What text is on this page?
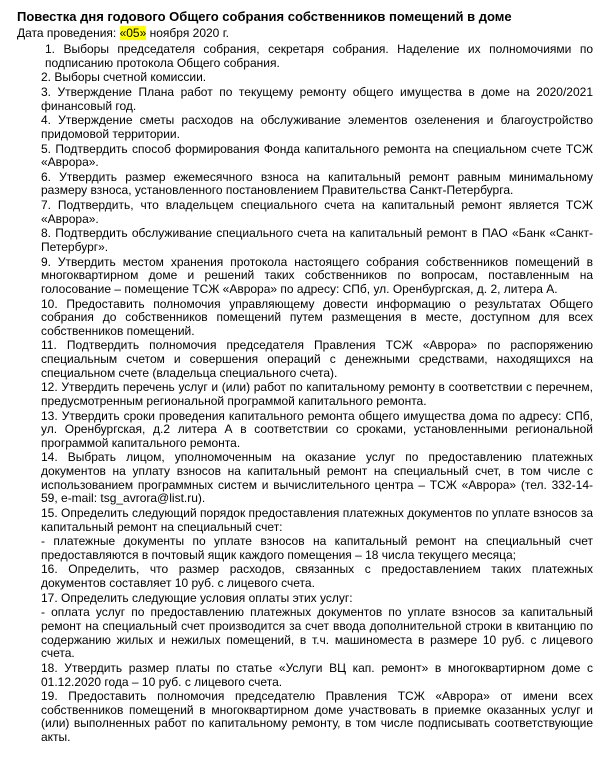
Повестка дня годового Общего собрания собственников помещений в доме
Дата проведения: «05» ноября 2020 г.
1. Выборы председателя собрания, секретаря собрания. Наделение их полномочиями по подписанию протокола Общего собрания.
2. Выборы счетной комиссии.
3. Утверждение Плана работ по текущему ремонту общего имущества в доме на 2020/2021 финансовый год.
4. Утверждение сметы расходов на обслуживание элементов озеленения и благоустройство придомовой территории.
5. Подтвердить способ формирования Фонда капитального ремонта на специальном счете ТСЖ «Аврора».
6. Утвердить размер ежемесячного взноса на капитальный ремонт равным минимальному размеру взноса, установленного постановлением Правительства Санкт-Петербурга.
7. Подтвердить, что владельцем специального счета на капитальный ремонт является ТСЖ «Аврора».
8. Подтвердить обслуживание специального счета на капитальный ремонт в ПАО «Банк «Санкт-Петербург».
9. Утвердить местом хранения протокола настоящего собрания собственников помещений в многоквартирном доме и решений таких собственников по вопросам, поставленным на голосование – помещение ТСЖ «Аврора» по адресу: СПб, ул. Оренбургская, д. 2, литера А.
10. Предоставить полномочия управляющему довести информацию о результатах Общего собрания до собственников помещений путем размещения в месте, доступном для всех собственников помещений.
11. Подтвердить полномочия председателя Правления ТСЖ «Аврора» по распоряжению специальным счетом и совершения операций с денежными средствами, находящихся на специальном счете (владельца специального счета).
12. Утвердить перечень услуг и (или) работ по капитальному ремонту в соответствии с перечнем, предусмотренным региональной программой капитального ремонта.
13. Утвердить сроки проведения капитального ремонта общего имущества дома по адресу: СПб, ул. Оренбургская, д.2 литера А в соответствии со сроками, установленными региональной программой капитального ремонта.
14. Выбрать лицом, уполномоченным на оказание услуг по предоставлению платежных документов на уплату взносов на капитальный ремонт на специальный счет, в том числе с использованием программных систем и вычислительного центра – ТСЖ «Аврора» (тел. 332-14-59, e-mail: tsg_avrora@list.ru).
15. Определить следующий порядок предоставления платежных документов по уплате взносов за капитальный ремонт на специальный счет:
- платежные документы по уплате взносов на капитальный ремонт на специальный счет предоставляются в почтовый ящик каждого помещения – 18 числа текущего месяца;
16. Определить, что размер расходов, связанных с предоставлением таких платежных документов составляет 10 руб. с лицевого счета.
17. Определить следующие условия оплаты этих услуг:
- оплата услуг по предоставлению платежных документов по уплате взносов за капитальный ремонт на специальный счет производится за счет ввода дополнительной строки в квитанцию по содержанию жилых и нежилых помещений, в т.ч. машиноместа в размере 10 руб. с лицевого счета.
18. Утвердить размер платы по статье «Услуги ВЦ кап. ремонт» в многоквартирном доме с 01.12.2020 года – 10 руб. с лицевого счета.
19. Предоставить полномочия председателю Правления ТСЖ «Аврора» от имени всех собственников помещений в многоквартирном доме участвовать в приемке оказанных услуг и (или) выполненных работ по капитальному ремонту, в том числе подписывать соответствующие акты.
